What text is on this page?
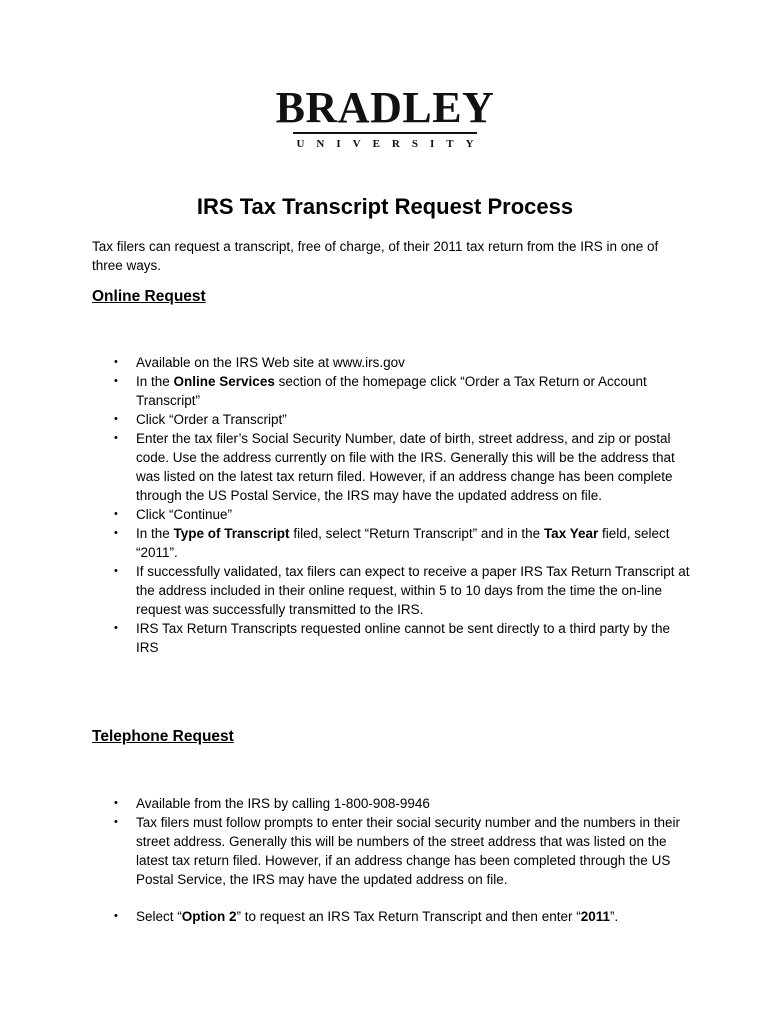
BRADLEY
UNIVERSITY
IRS Tax Transcript Request Process

Tax filers can request a transcript, free of charge, of their 2011 tax return from the IRS in one of three ways.

Online Request
• Available on the IRS Web site at www.irs.gov
• In the Online Services section of the homepage click “Order a Tax Return or Account Transcript”
• Click “Order a Transcript”
• Enter the tax filer’s Social Security Number, date of birth, street address, and zip or postal code. Use the address currently on file with the IRS. Generally this will be the address that was listed on the latest tax return filed. However, if an address change has been complete through the US Postal Service, the IRS may have the updated address on file.
• Click “Continue”
• In the Type of Transcript filed, select “Return Transcript” and in the Tax Year field, select “2011”.
• If successfully validated, tax filers can expect to receive a paper IRS Tax Return Transcript at the address included in their online request, within 5 to 10 days from the time the on-line request was successfully transmitted to the IRS.
• IRS Tax Return Transcripts requested online cannot be sent directly to a third party by the IRS
Telephone Request
• Available from the IRS by calling 1-800-908-9946
• Tax filers must follow prompts to enter their social security number and the numbers in their street address. Generally this will be numbers of the street address that was listed on the latest tax return filed. However, if an address change has been completed through the US Postal Service, the IRS may have the updated address on file.
• Select “Option 2” to request an IRS Tax Return Transcript and then enter “2011”.
